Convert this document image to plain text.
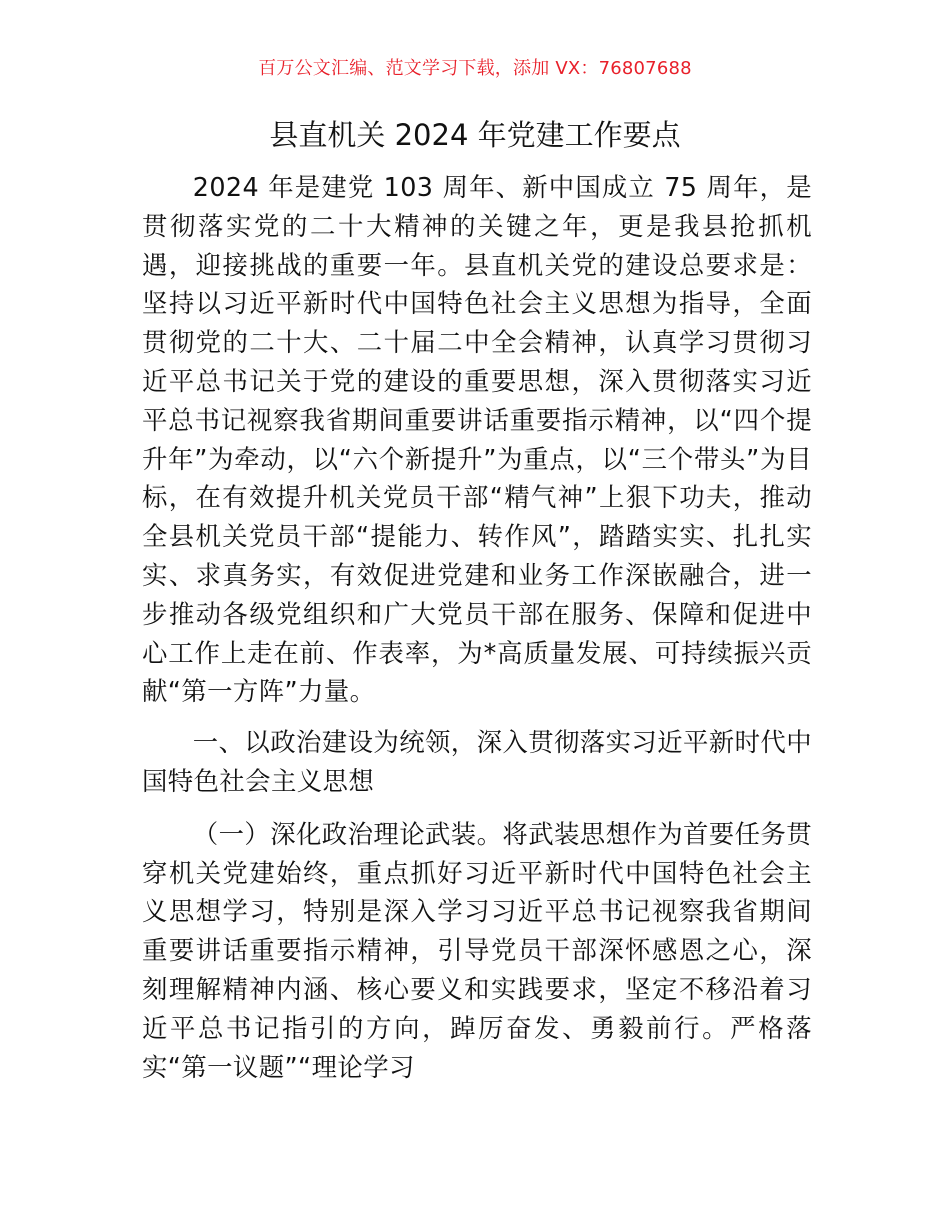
百万公文汇编、范文学习下载，添加 VX：76807688
县直机关 2024 年党建工作要点

2024 年是建党 103 周年、新中国成立 75 周年，是贯彻落实党的二十大精神的关键之年，更是我县抢抓机遇，迎接挑战的重要一年。县直机关党的建设总要求是：坚持以习近平新时代中国特色社会主义思想为指导，全面贯彻党的二十大、二十届二中全会精神，认真学习贯彻习近平总书记关于党的建设的重要思想，深入贯彻落实习近平总书记视察我省期间重要讲话重要指示精神，以“四个提升年”为牵动，以“六个新提升”为重点，以“三个带头”为目标，在有效提升机关党员干部“精气神”上狠下功夫，推动全县机关党员干部“提能力、转作风”，踏踏实实、扎扎实实、求真务实，有效促进党建和业务工作深嵌融合，进一步推动各级党组织和广大党员干部在服务、保障和促进中心工作上走在前、作表率，为*高质量发展、可持续振兴贡献“第一方阵”力量。

一、以政治建设为统领，深入贯彻落实习近平新时代中国特色社会主义思想

（一）深化政治理论武装。将武装思想作为首要任务贯穿机关党建始终，重点抓好习近平新时代中国特色社会主义思想学习，特别是深入学习习近平总书记视察我省期间重要讲话重要指示精神，引导党员干部深怀感恩之心，深刻理解精神内涵、核心要义和实践要求，坚定不移沿着习近平总书记指引的方向，踔厉奋发、勇毅前行。严格落实“第一议题”“理论学习
